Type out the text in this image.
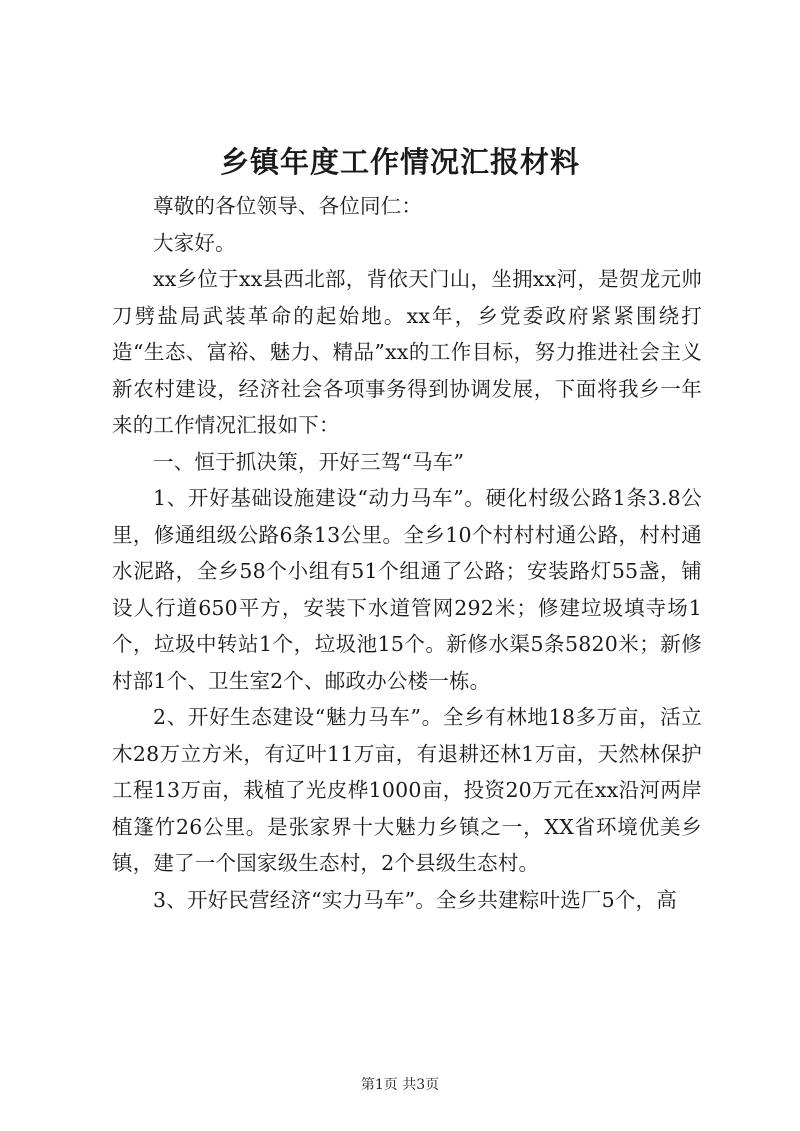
乡镇年度工作情况汇报材料

尊敬的各位领导、各位同仁：

大家好。

xx乡位于xx县西北部，背依天门山，坐拥xx河，是贺龙元帅刀劈盐局武装革命的起始地。xx年，乡党委政府紧紧围绕打造“生态、富裕、魅力、精品”xx的工作目标，努力推进社会主义新农村建设，经济社会各项事务得到协调发展，下面将我乡一年来的工作情况汇报如下：

一、恒于抓决策，开好三驾“马车”

1、开好基础设施建设“动力马车”。硬化村级公路1条3.8公里，修通组级公路6条13公里。全乡10个村村村通公路，村村通水泥路，全乡58个小组有51个组通了公路；安装路灯55盏，铺设人行道650平方，安装下水道管网292米；修建垃圾填寺场1个，垃圾中转站1个，垃圾池15个。新修水渠5条5820米；新修村部1个、卫生室2个、邮政办公楼一栋。

2、开好生态建设“魅力马车”。全乡有林地18多万亩，活立木28万立方米，有辽叶11万亩，有退耕还林1万亩，天然林保护工程13万亩，栽植了光皮桦1000亩，投资20万元在xx沿河两岸植篷竹26公里。是张家界十大魅力乡镇之一，XX省环境优美乡镇，建了一个国家级生态村，2个县级生态村。

3、开好民营经济“实力马车”。全乡共建粽叶选厂5个，高

第1页 共3页
